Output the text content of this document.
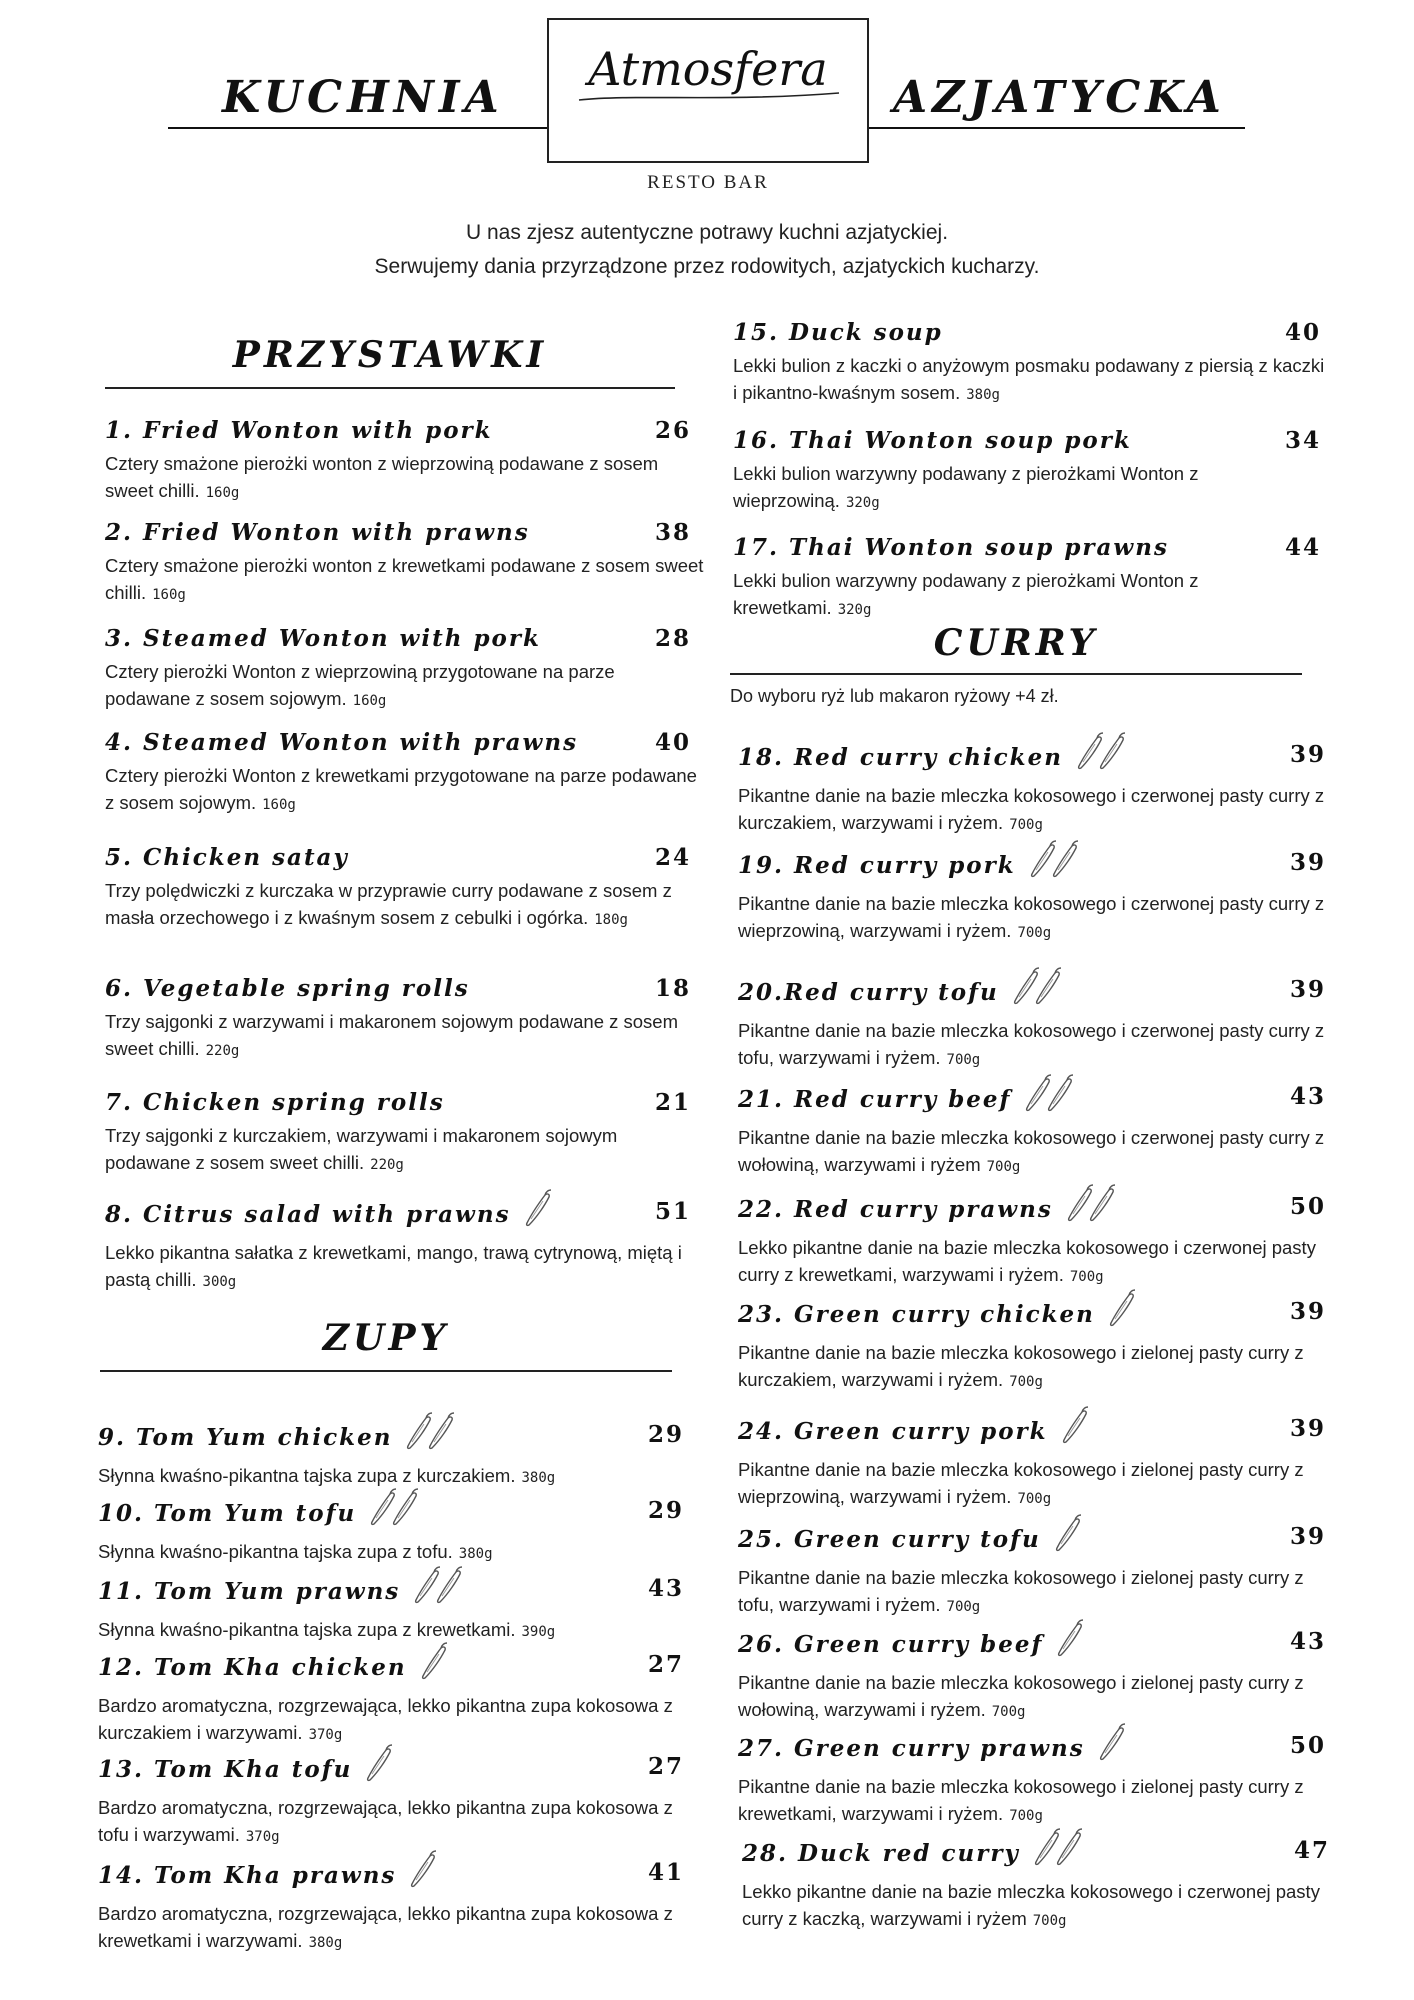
KUCHNIA	AZJATYCKA
Atmosfera
RESTO BAR
U nas zjesz autentyczne potrawy kuchni azjatyckiej.
Serwujemy dania przyrządzone przez rodowitych, azjatyckich kucharzy.
PRZYSTAWKI
ZUPY
CURRY
Do wyboru ryż lub makaron ryżowy +4 zł.
1. Fried Wonton with pork	26
Cztery smażone pierożki wonton z wieprzowiną podawane z sosem sweet chilli. 160g
2. Fried Wonton with prawns	38
Cztery smażone pierożki wonton z krewetkami podawane z sosem sweet chilli. 160g
3. Steamed Wonton with pork	28
Cztery pierożki Wonton z wieprzowiną przygotowane na parze podawane z sosem sojowym. 160g
4. Steamed Wonton with prawns	40
Cztery pierożki Wonton z krewetkami przygotowane na parze podawane z sosem sojowym. 160g
5. Chicken satay	24
Trzy polędwiczki z kurczaka w przyprawie curry podawane z sosem z masła orzechowego i z kwaśnym sosem z cebulki i ogórka. 180g
6. Vegetable spring rolls	18
Trzy sajgonki z warzywami i makaronem sojowym podawane z sosem sweet chilli. 220g
7. Chicken spring rolls	21
Trzy sajgonki z kurczakiem, warzywami i makaronem sojowym podawane z sosem sweet chilli. 220g
8. Citrus salad with prawns	51
Lekko pikantna sałatka z krewetkami, mango, trawą cytrynową, miętą i pastą chilli. 300g
9. Tom Yum chicken	29
Słynna kwaśno-pikantna tajska zupa z kurczakiem. 380g
10. Tom Yum tofu	29
Słynna kwaśno-pikantna tajska zupa z tofu. 380g
11. Tom Yum prawns	43
Słynna kwaśno-pikantna tajska zupa z krewetkami. 390g
12. Tom Kha chicken	27
Bardzo aromatyczna, rozgrzewająca, lekko pikantna zupa kokosowa z kurczakiem i warzywami. 370g
13. Tom Kha tofu	27
Bardzo aromatyczna, rozgrzewająca, lekko pikantna zupa kokosowa z tofu i warzywami. 370g
14. Tom Kha prawns	41
Bardzo aromatyczna, rozgrzewająca, lekko pikantna zupa kokosowa z krewetkami i warzywami. 380g
15. Duck soup	40
Lekki bulion z kaczki o anyżowym posmaku podawany z piersią z kaczki i pikantno-kwaśnym sosem. 380g
16. Thai Wonton soup pork	34
Lekki bulion warzywny podawany z pierożkami Wonton z wieprzowiną. 320g
17. Thai Wonton soup prawns	44
Lekki bulion warzywny podawany z pierożkami Wonton z krewetkami. 320g
18. Red curry chicken	39
Pikantne danie na bazie mleczka kokosowego i czerwonej pasty curry z kurczakiem, warzywami i ryżem. 700g
19. Red curry pork	39
Pikantne danie na bazie mleczka kokosowego i czerwonej pasty curry z wieprzowiną, warzywami i ryżem. 700g
20.Red curry tofu	39
Pikantne danie na bazie mleczka kokosowego i czerwonej pasty curry z tofu, warzywami i ryżem. 700g
21. Red curry beef	43
Pikantne danie na bazie mleczka kokosowego i czerwonej pasty curry z wołowiną, warzywami i ryżem 700g
22. Red curry prawns	50
Lekko pikantne danie na bazie mleczka kokosowego i czerwonej pasty curry z krewetkami, warzywami i ryżem. 700g
23. Green curry chicken	39
Pikantne danie na bazie mleczka kokosowego i zielonej pasty curry z kurczakiem, warzywami i ryżem. 700g
24. Green curry pork	39
Pikantne danie na bazie mleczka kokosowego i zielonej pasty curry z wieprzowiną, warzywami i ryżem. 700g
25. Green curry tofu	39
Pikantne danie na bazie mleczka kokosowego i zielonej pasty curry z tofu, warzywami i ryżem. 700g
26. Green curry beef	43
Pikantne danie na bazie mleczka kokosowego i zielonej pasty curry z wołowiną, warzywami i ryżem. 700g
27. Green curry prawns	50
Pikantne danie na bazie mleczka kokosowego i zielonej pasty curry z krewetkami, warzywami i ryżem. 700g
28. Duck red curry	47
Lekko pikantne danie na bazie mleczka kokosowego i czerwonej pasty curry z kaczką, warzywami i ryżem 700g
